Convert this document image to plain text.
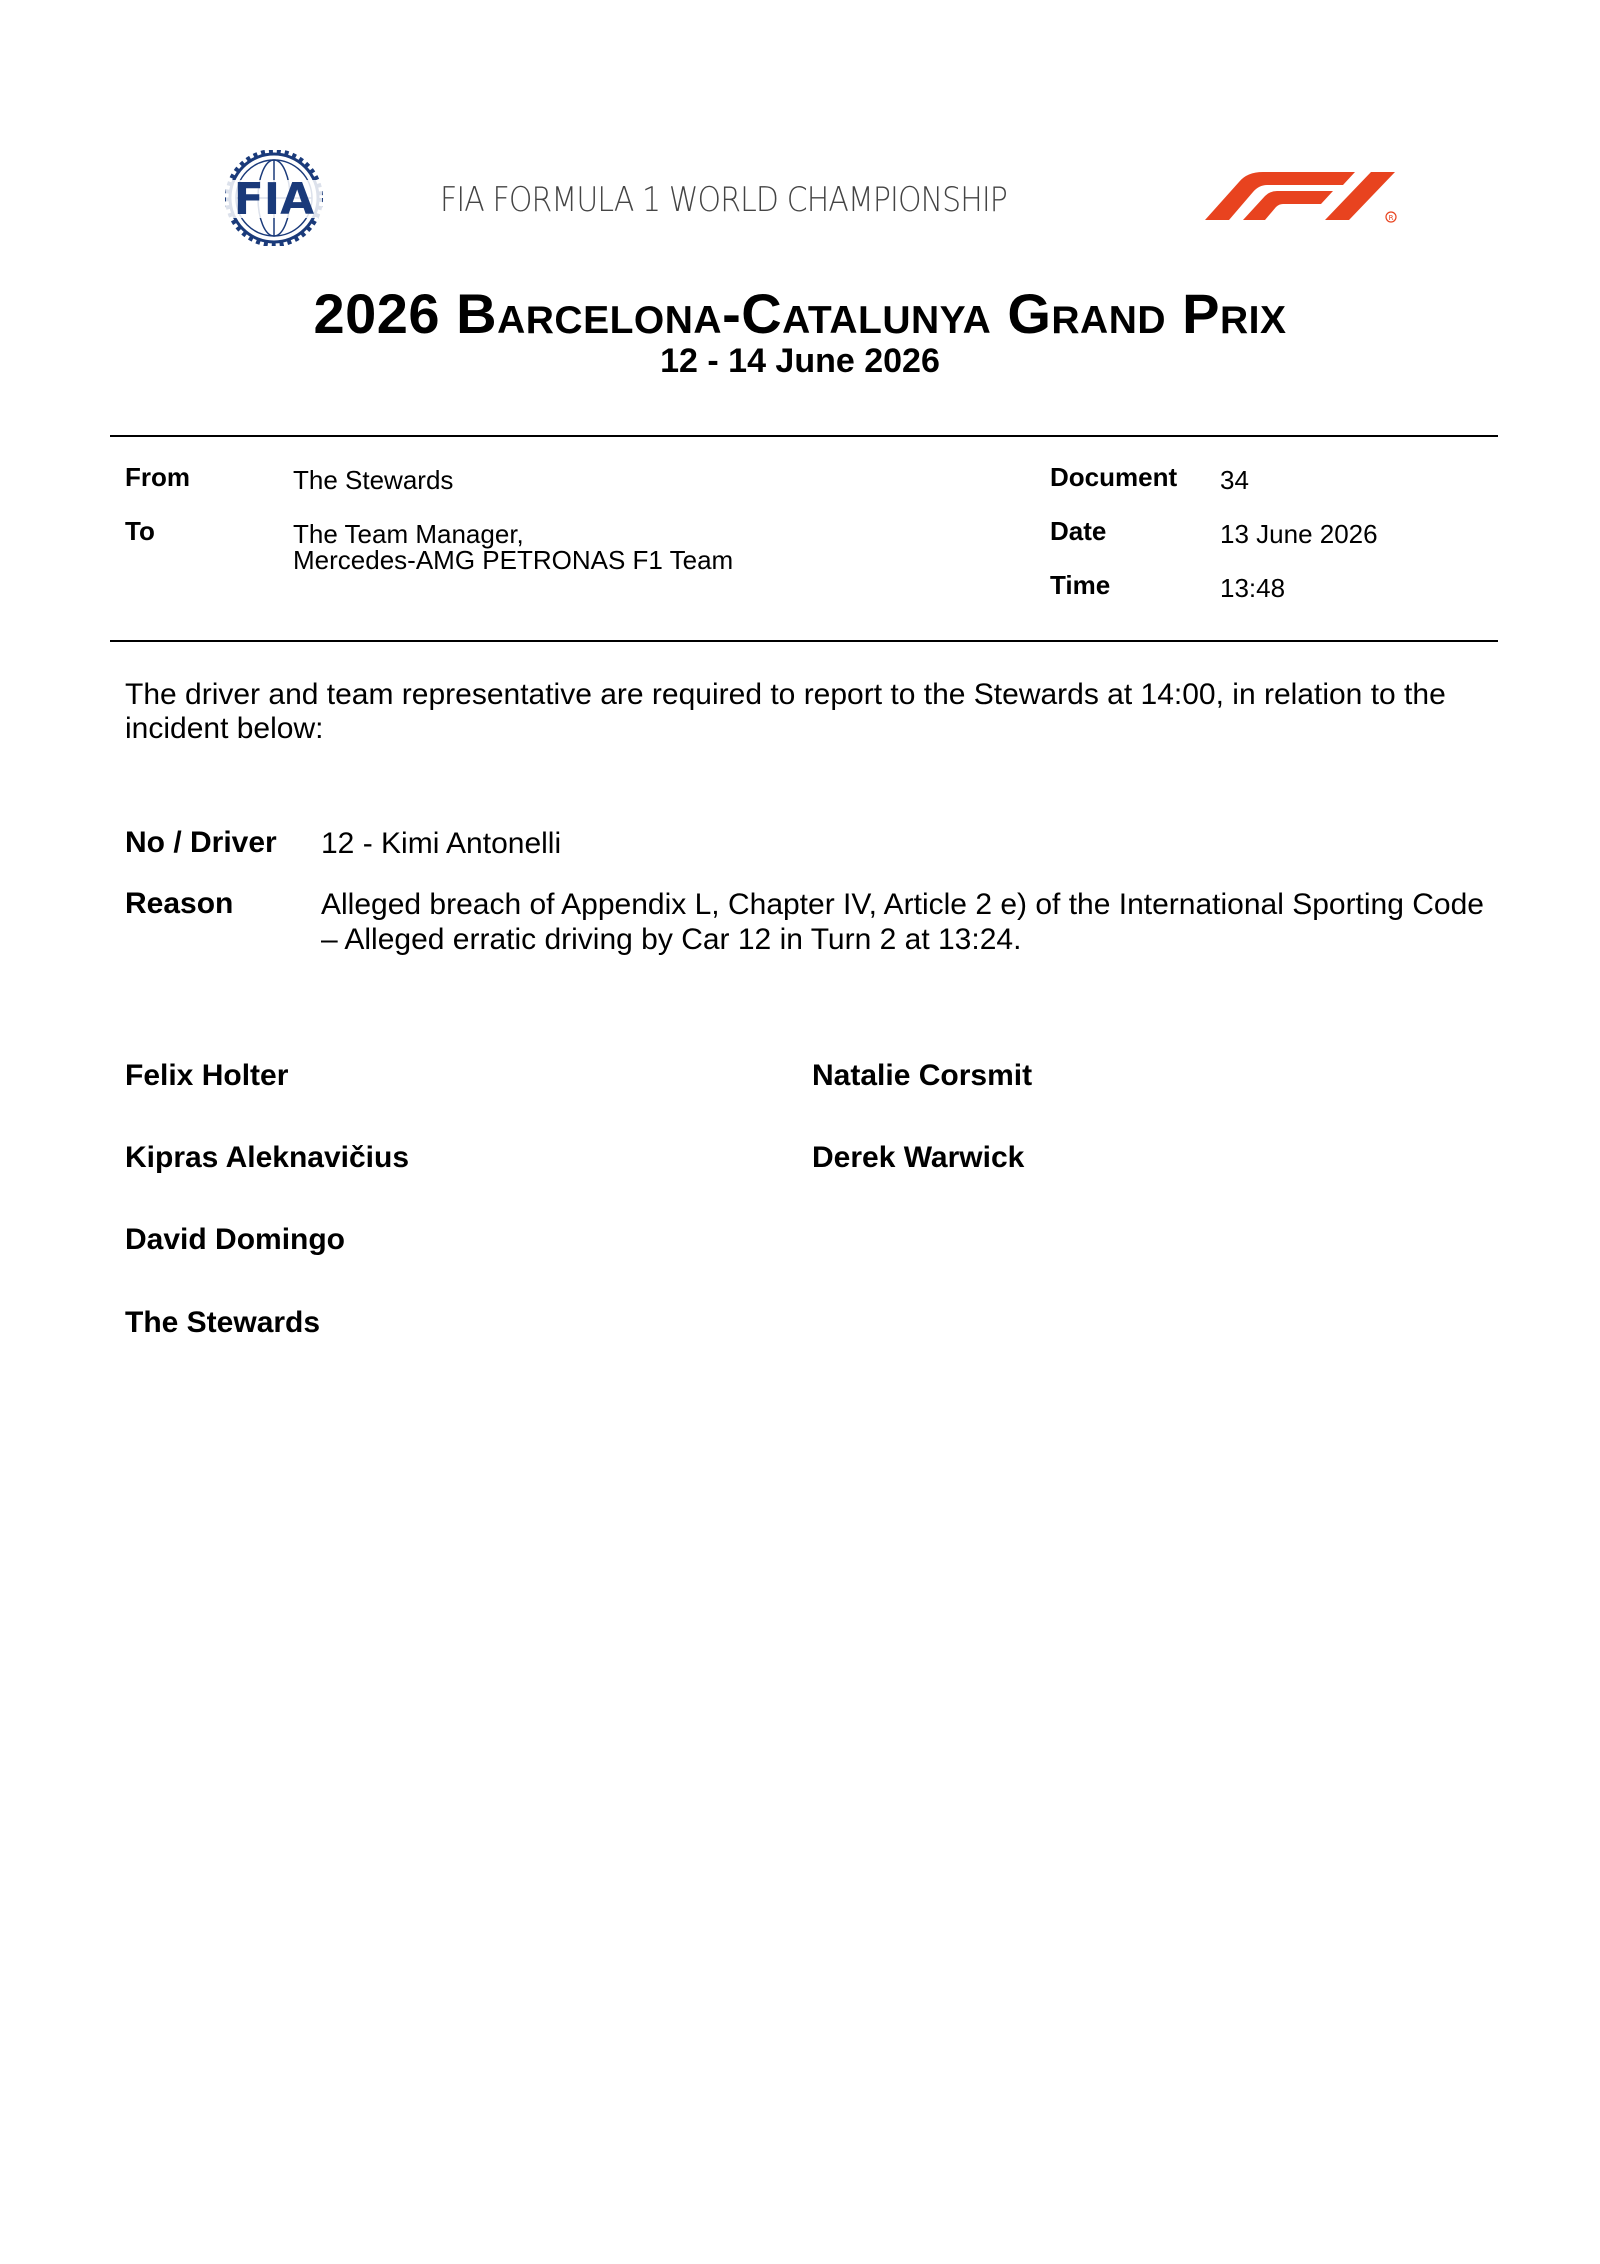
FIA	FIA FORMULA 1 WORLD CHAMPIONSHIP	R
2026 Barcelona-Catalunya Grand Prix
12 - 14 June 2026
From	The Stewards
To	The Team Manager,
Mercedes-AMG PETRONAS F1 Team
Document 34
Date	13 June 2026
Time	13:48
The driver and team representative are required to report to the Stewards at 14:00, in relation to the incident below:
No / Driver 12 - Kimi Antonelli
Reason	Alleged breach of Appendix L, Chapter IV, Article 2 e) of the International Sporting Code – Alleged erratic driving by Car 12 in Turn 2 at 13:24.
Felix Holter
Kipras Aleknavičius
David Domingo
Natalie Corsmit
Derek Warwick
The Stewards
